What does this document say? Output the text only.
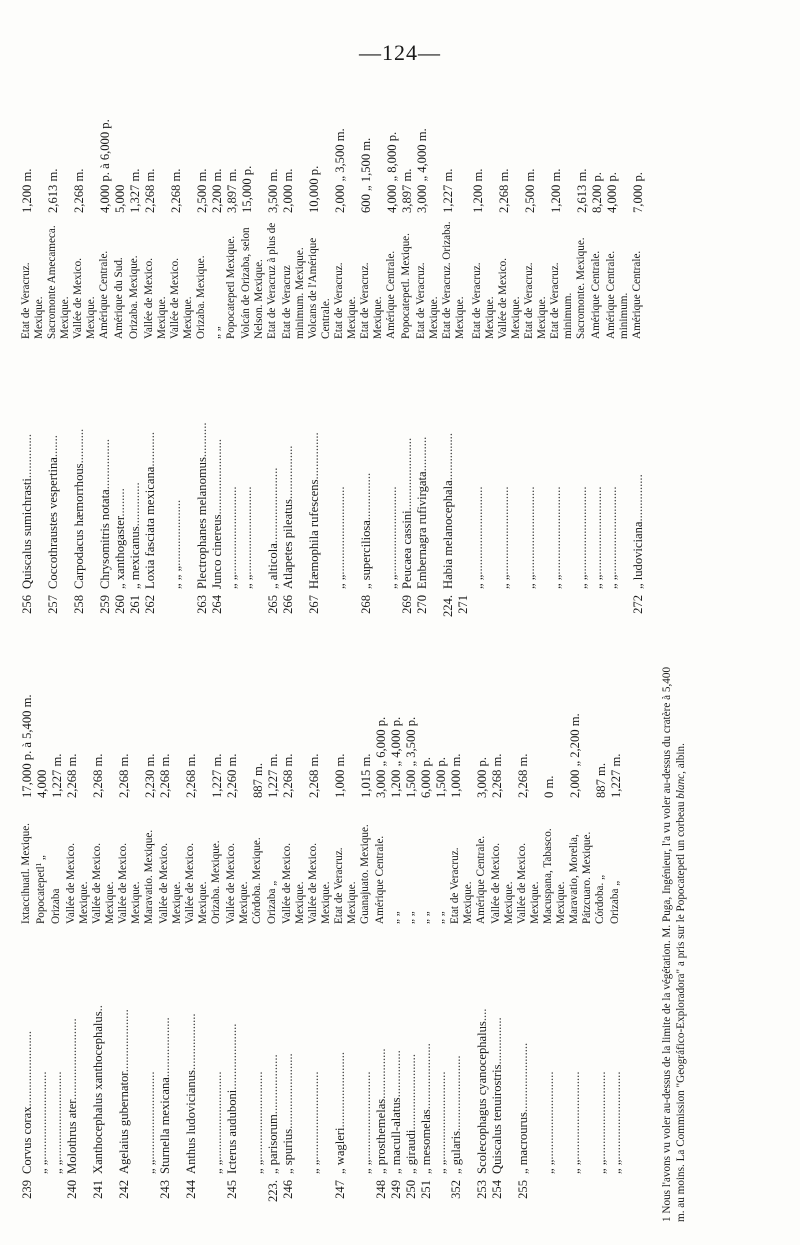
—124—
239
Corvus corax........................
Ixtaccihuatl. Mexique.
17,000 p. à 5,400 m.
„ „............................
Popocatepetl¹ „
4,000
„ „............................
Orizaba
1,227 m.
240
Molothrus ater..........................
Vallée de Mexico. Mexique.
2,268 m.
241
Xanthocephalus xanthocephalus..
Vallée de Mexico. Mexique.
2,268 m.
242
Agelaius gubernator....................
Vallée de Mexico. Mexique.
2,268 m.
„ „............................
Maravatio. Mexique.
2,230 m.
243
Sturnella mexicana...................
Vallée de Mexico. Mexique.
2,268 m.
244
Anthus ludovicianus..................
Vallée de Mexico. Mexique.
2,268 m.
„ „............................
Orizaba. Mexique.
1,227 m.
245
Icterus auduboni.....................
Vallée de Mexico. Mexique.
2,260 m.
„ „............................
Córdoba. Mexique.
887 m.
223.
„ parisorum...................
Orizaba „
1,227 m.
246
„ spurius........................
Vallée de Mexico. Mexique.
2,268 m.
„ „............................
Vallée de Mexico. Mexique.
2,268 m.
247
„ wagleri........................
Etat de Veracruz. Mexique.
1,000 m.
„ „............................
Guanajuato. Mexique.
1,015 m.
248
„ prosthemelas................
Amérique Centrale.
3,000 „ 6,000 p.
249
„ macull-alatus...............
„ „
1,200 „ 4,000 p.
250
„ giraudi........................
„ „
1,500 „ 3,500 p.
251
„ mesomelas.....................
„ „
6,000 p.
„ „............................
„ „
1,500 p.
352
„ gularis........................
Etat de Veracruz. Mexique.
1,000 m.
253
Scolecophagus cyanocephalus....
Amérique Centrale.
3,000 p.
254
Quiscalus tenuirostris...............
Vallée de Mexico. Mexique.
2,268 m.
255
„ macrourus......................
Vallée de Mexico. Mexique.
2,268 m.
„ „............................
Macuspana, Tabasco. Mexique.
0 m.
„ „............................
Maravatio, Morelia, Pátzcuaro. Mexique.
2,000 „ 2,200 m.
„ „............................
Córdoba. „
887 m.
„ „............................
Orizaba „
1,227 m.	1 Nous l'avons vu voler au-dessus de la limite de la végétation. M. Puga, Ingénieur, l'a vu voler au-dessus du cratère à 5,400 m. au moins. La Commission "Geográfico-Exploradora" a pris sur le Popocatepetl un corbeau blanc, albin.
256
Quiscalus sumichrasti..............
Etat de Veracruz. Mexique.
1,200 m.
257
Coccothraustes vespertina.......
Sacromonte Amecameca. Mexique.
2,613 m.
258
Carpodacus hæmorrhous...........
Vallée de Mexico. Mexique.
2,268 m.
259
Chrysomitris notata................
Amérique Centrale.
4,000 p. à 6,000 p.
260
„ xanthogaster.........
Amérique du Sud.
5,000
261
„ mexicanus..............
Orizaba. Mexique.
1,327 m.
262
Loxia fasciata mexicana...........
Vallée de Mexico. Mexique.
2,268 m.
„ „ „.....................
Vallée de Mexico. Mexique.
2,268 m.
263
Plectrophanes melanomus...........
Orizaba. Mexique.
2,500 m.
264
Junco cinereus........................
„ „
2,200 m.
„ „............................
Popocatepetl Mexique.
3,897 m.
„ „............................
Volcán de Orizaba, selon Nelson. Mexique.
15,000 p.
265
„ alticola........................
Etat de Veracruz à plus de
3,500 m.
266
Atlapetes pileatus.................
Etat de Veracruz minimum. Mexique.
2,000 m.
267
Hæmophila rufescens...............
Volcans de l'Amérique Centrale.
10,000 p.
„ „............................
Etat de Veracruz. Mexique.
2,000 „ 3,500 m.
268
„ superciliosa...............
Etat de Veracruz. Mexique.
600 „ 1,500 m.
„ „............................
Amérique Centrale.
4,000 „ 8,000 p.
269
Peucaea cassini.......................
Popocatepetl. Mexique.
3,897 m.
270
Embernagra rufivirgata...........
Etat de Veracruz. Mexique.
3,000 „ 4,000 m.
224. 271
Habia melanocephala...............
Etat de Veracruz. Orizaba. Mexique.
1,227 m.
„ „............................
Etat de Veracruz. Mexique.
1,200 m.
„ „............................
Vallée de Mexico. Mexique.
2,268 m.
„ „............................
Etat de Veracruz. Mexique.
2,500 m.
„ „............................
Etat de Veracruz. minimum.
1,200 m.
„ „............................
Sacromonte. Mexique.
2,613 m.
„ „............................
Amérique Centrale.
8,200 p.
„ „............................
Amérique Centrale. minimum.
4,000 p.
272
„ ludoviciana...............
Amérique Centrale.
7,000 p.
